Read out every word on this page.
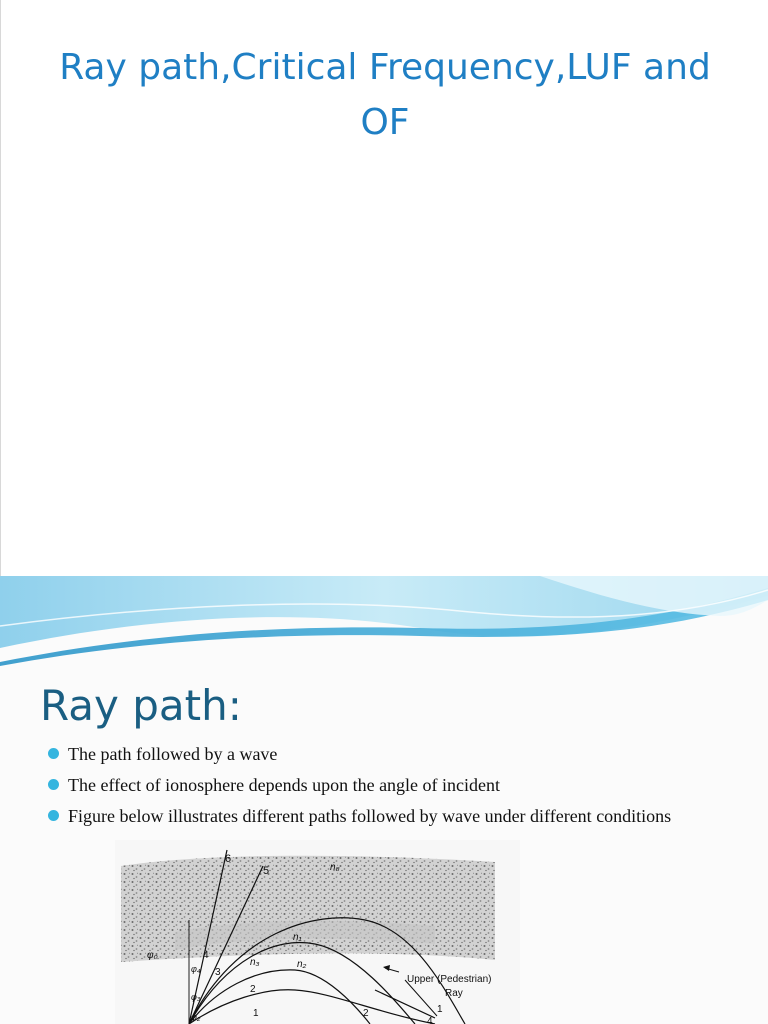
Ray path,Critical Frequency,LUF and
OF
Ray path:
The path followed by a wave
The effect of ionosphere depends upon the angle of incident
Figure below illustrates different paths followed by wave under different conditions
6
5
4
3
2
1	1
2
4
n₈
n₁
n₃	n₂
φ₀
φ₄
φ₃
φ₂
Upper (Pedestrian)
Ray
